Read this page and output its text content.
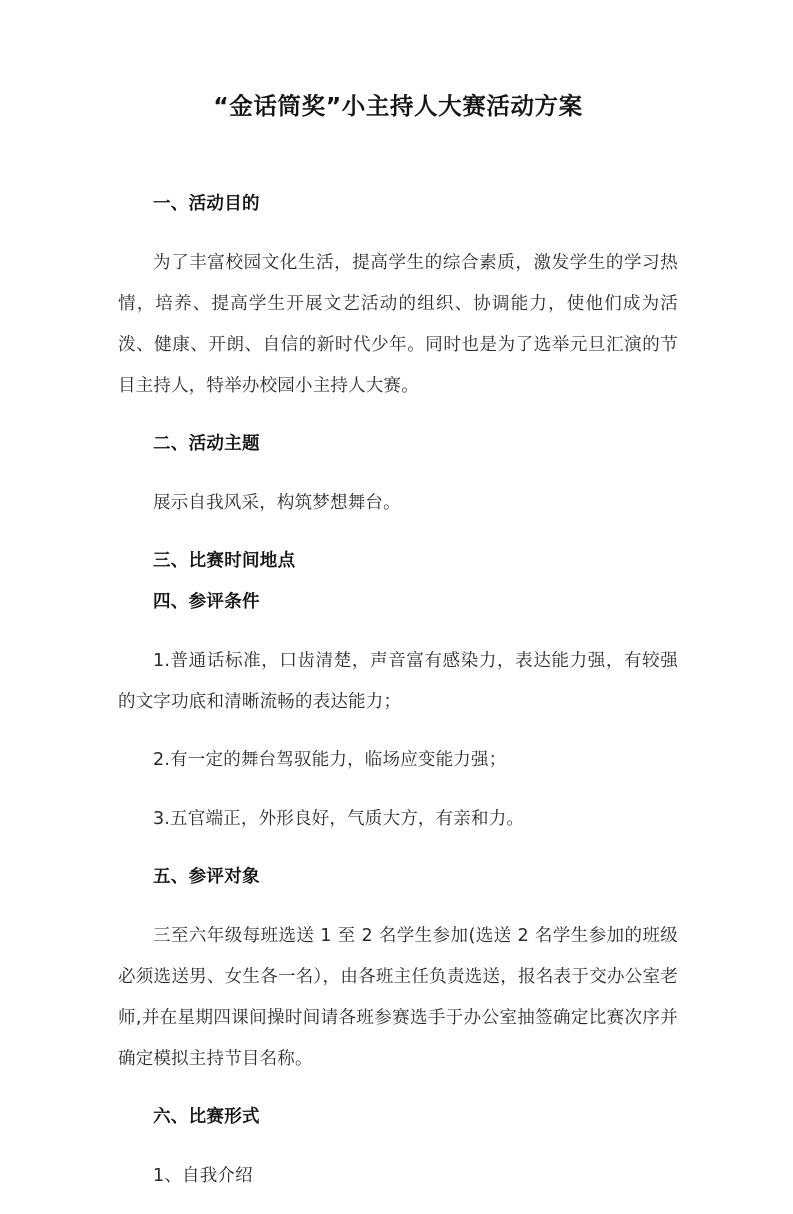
“金话筒奖”小主持人大赛活动方案
一、活动目的

为了丰富校园文化生活，提高学生的综合素质，激发学生的学习热情，培养、提高学生开展文艺活动的组织、协调能力，使他们成为活泼、健康、开朗、自信的新时代少年。同时也是为了选举元旦汇演的节目主持人，特举办校园小主持人大赛。

二、活动主题

展示自我风采，构筑梦想舞台。

三、比赛时间地点
四、参评条件

1.普通话标准，口齿清楚，声音富有感染力，表达能力强，有较强的文字功底和清晰流畅的表达能力；

2.有一定的舞台驾驭能力，临场应变能力强；

3.五官端正，外形良好，气质大方，有亲和力。

五、参评对象

三至六年级每班选送 1 至 2 名学生参加(选送 2 名学生参加的班级必须选送男、女生各一名），由各班主任负责选送，报名表于交办公室老师,并在星期四课间操时间请各班参赛选手于办公室抽签确定比赛次序并确定模拟主持节目名称。

六、比赛形式

1、自我介绍
